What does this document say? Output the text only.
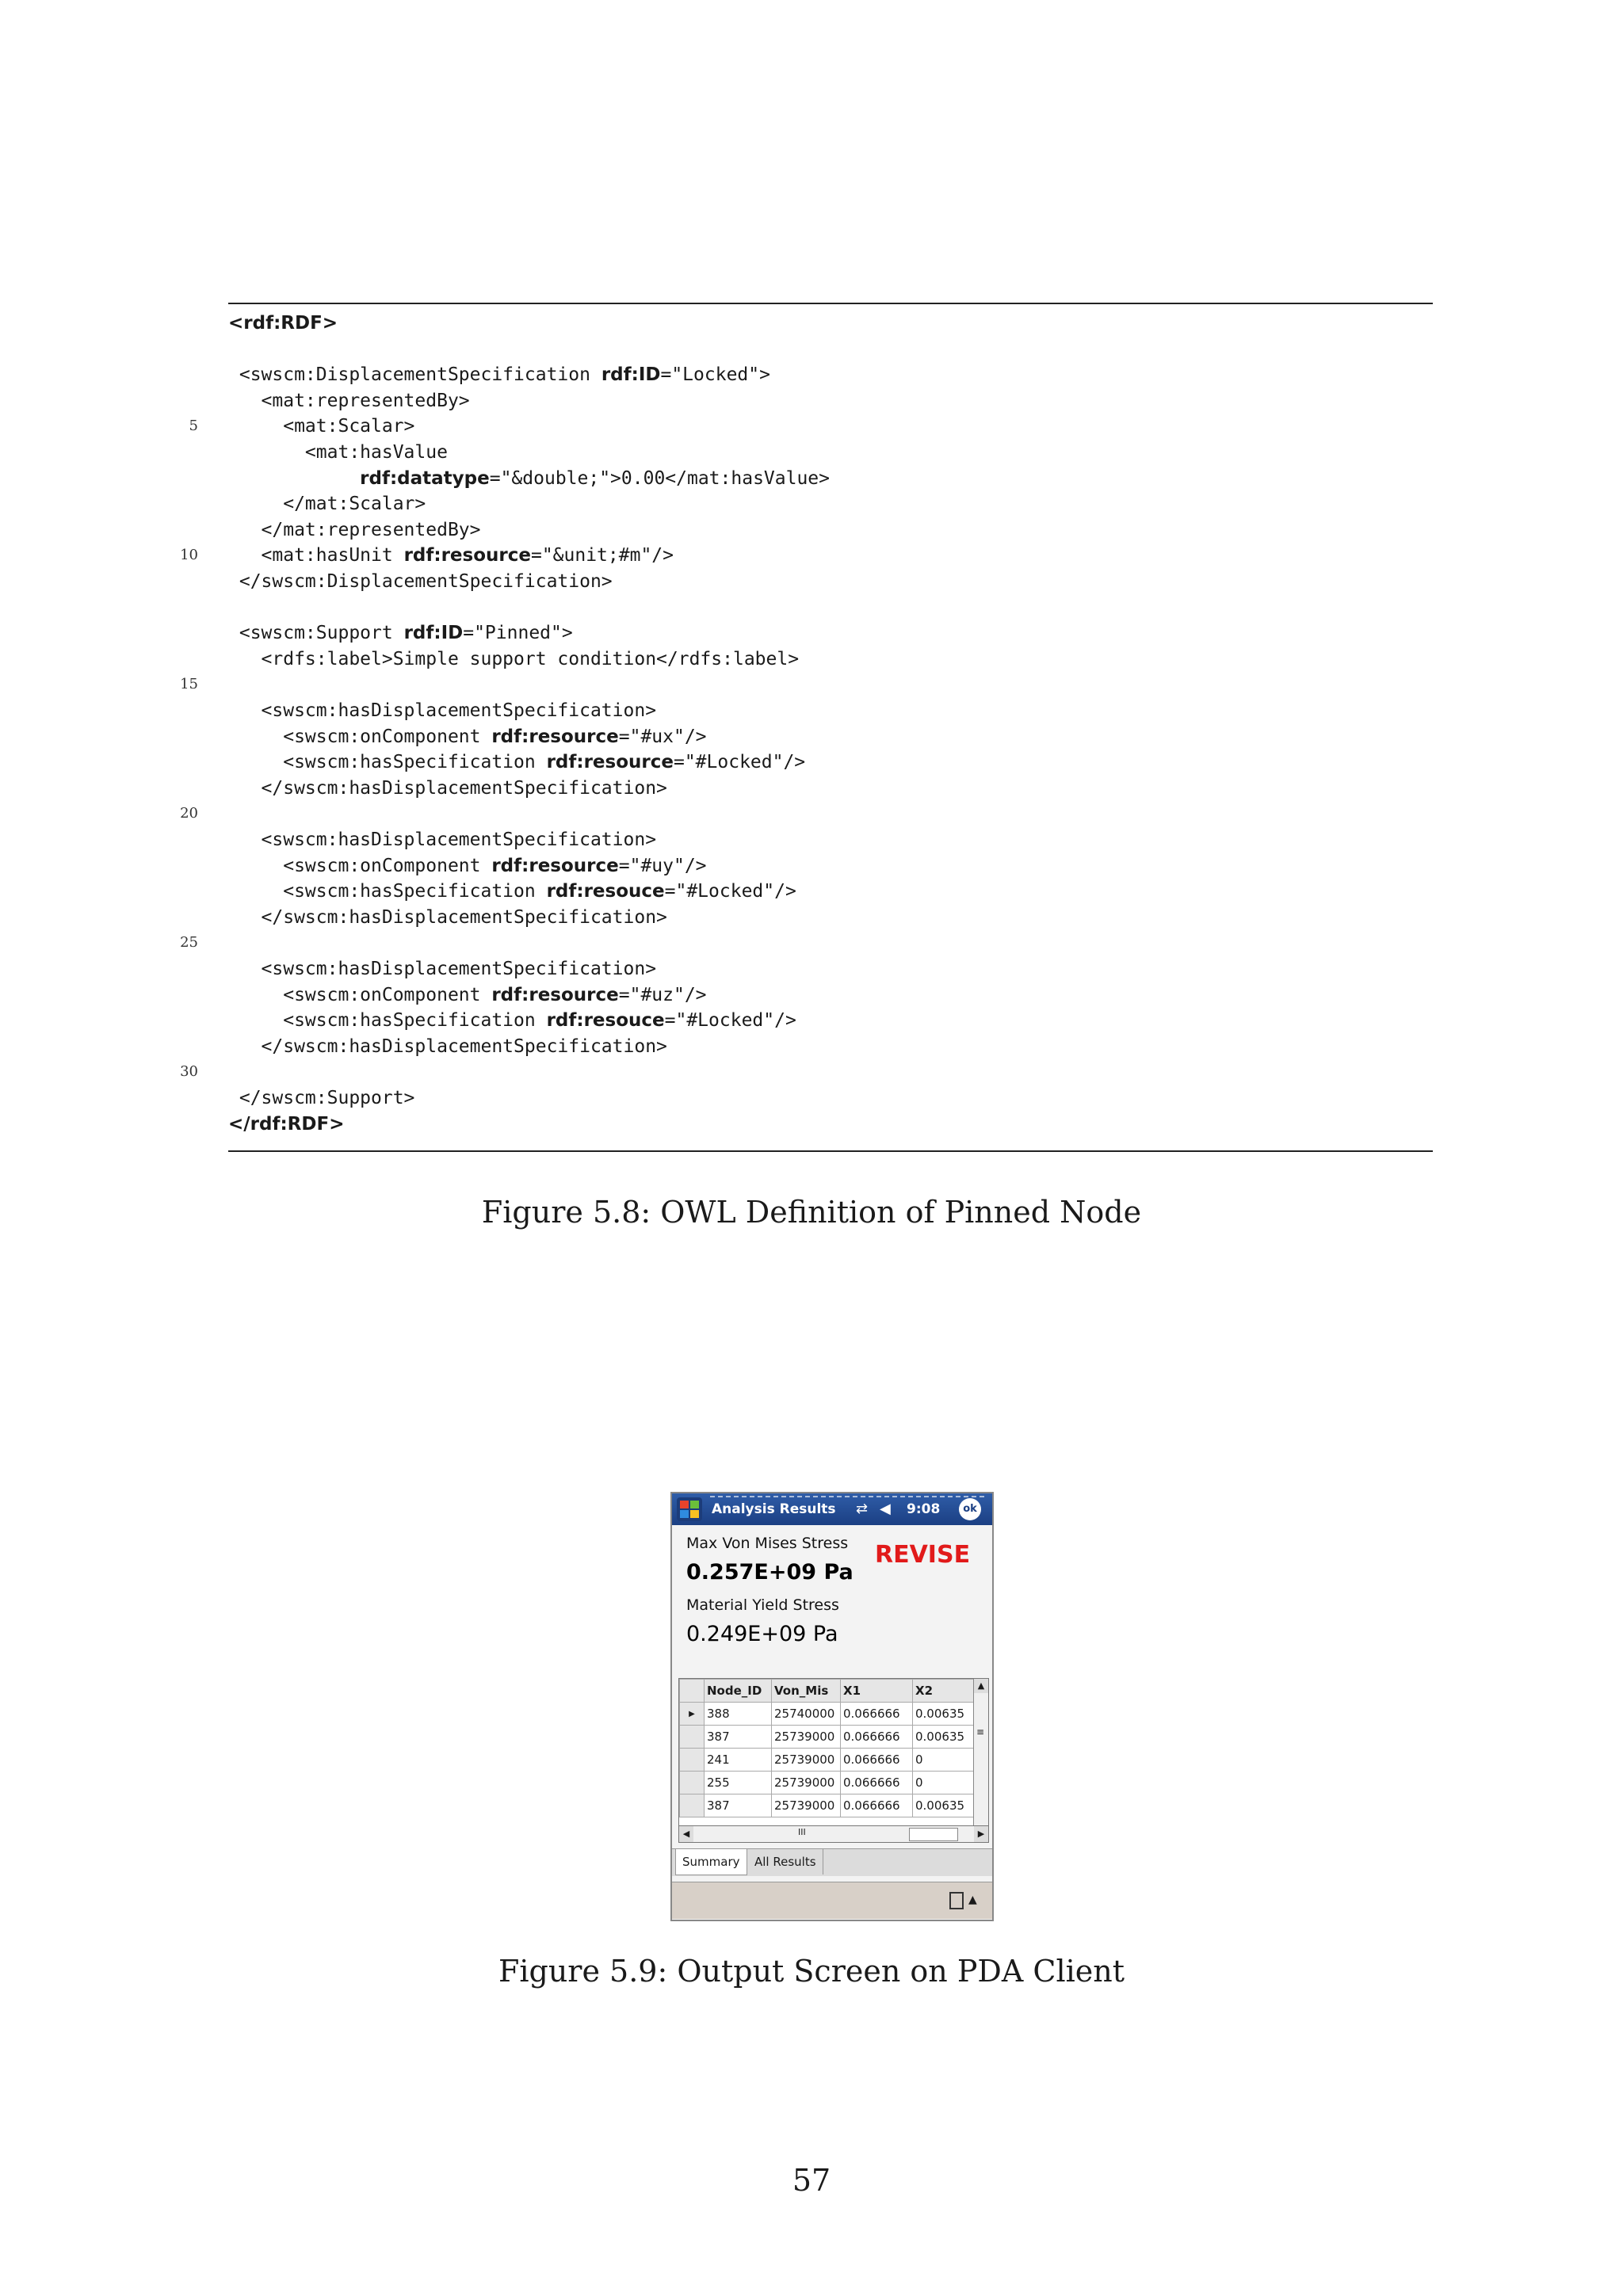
<rdf:RDF>
<swscm:DisplacementSpecification rdf:ID="Locked">
<mat:representedBy>
<mat:Scalar>
5
<mat:hasValue
rdf:datatype="&double;">0.00</mat:hasValue>
</mat:Scalar>
</mat:representedBy>
<mat:hasUnit rdf:resource="&unit;#m"/>
10
</swscm:DisplacementSpecification>
<swscm:Support rdf:ID="Pinned">
<rdfs:label>Simple support condition</rdfs:label>
15
<swscm:hasDisplacementSpecification>
<swscm:onComponent rdf:resource="#ux"/>
<swscm:hasSpecification rdf:resource="#Locked"/>
</swscm:hasDisplacementSpecification>
20
<swscm:hasDisplacementSpecification>
<swscm:onComponent rdf:resource="#uy"/>
<swscm:hasSpecification rdf:resouce="#Locked"/>
</swscm:hasDisplacementSpecification>
25
<swscm:hasDisplacementSpecification>
<swscm:onComponent rdf:resource="#uz"/>
<swscm:hasSpecification rdf:resouce="#Locked"/>
</swscm:hasDisplacementSpecification>
30
</swscm:Support>
</rdf:RDF>
Figure 5.8: OWL Definition of Pinned Node
Analysis Results ⇄ ◀ 9:08	ok
Max Von Mises Stress REVISE
0.257E+09 Pa
Material Yield Stress
0.249E+09 Pa
	Node_ID	Von_Mis	X1	X2
▶	388	25740000	0.066666	0.00635
	387	25739000	0.066666	0.00635
	241	25739000	0.066666	0
	255	25739000	0.066666	0
	387	25739000	0.066666	0.00635
▲
≡
◀	III	▶
Summary	All Results
▲
Figure 5.9: Output Screen on PDA Client
57
